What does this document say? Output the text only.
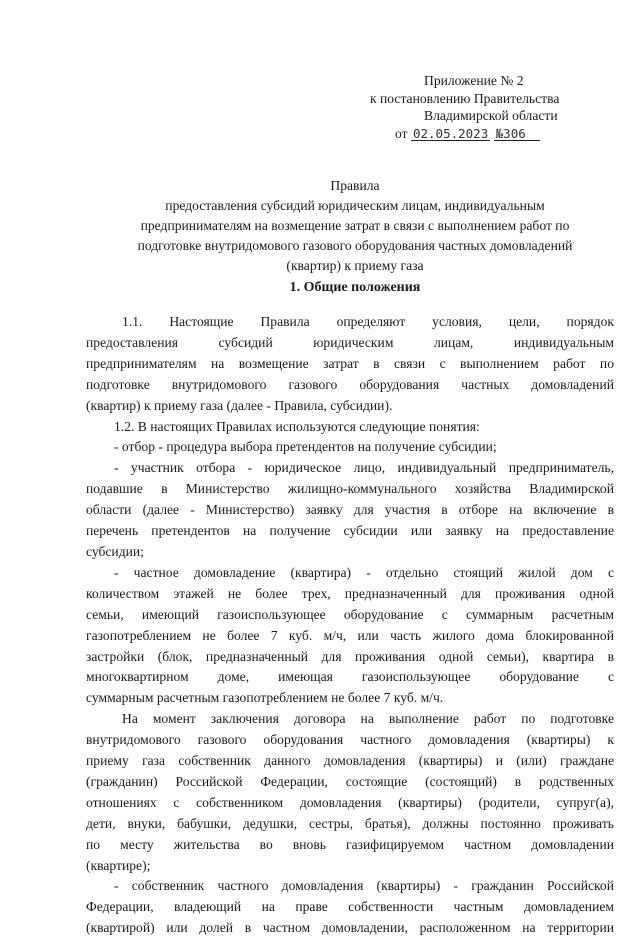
Приложение № 2
к постановлению Правительства
Владимирской области
от 02.05.2023 №306
Правила
предоставления субсидий юридическим лицам, индивидуальным
предпринимателям на возмещение затрат в связи с выполнением работ по
подготовке внутридомового газового оборудования частных домовладений
(квартир) к приему газа
1. Общие положения
1.1. Настоящие Правила определяют условия, цели, порядок
предоставления субсидий юридическим лицам, индивидуальным
предпринимателям на возмещение затрат в связи с выполнением работ по
подготовке внутридомового газового оборудования частных домовладений
(квартир) к приему газа (далее - Правила, субсидии).
1.2. В настоящих Правилах используются следующие понятия:
- отбор - процедура выбора претендентов на получение субсидии;
- участник отбора - юридическое лицо, индивидуальный предприниматель,
подавшие в Министерство жилищно-коммунального хозяйства Владимирской
области (далее - Министерство) заявку для участия в отборе на включение в
перечень претендентов на получение субсидии или заявку на предоставление
субсидии;
- частное домовладение (квартира) - отдельно стоящий жилой дом с
количеством этажей не более трех, предназначенный для проживания одной
семьи, имеющий газоиспользующее оборудование с суммарным расчетным
газопотреблением не более 7 куб. м/ч, или часть жилого дома блокированной
застройки (блок, предназначенный для проживания одной семьи), квартира в
многоквартирном доме, имеющая газоиспользующее оборудование с
суммарным расчетным газопотреблением не более 7 куб. м/ч.
На момент заключения договора на выполнение работ по подготовке
внутридомового газового оборудования частного домовладения (квартиры) к
приему газа собственник данного домовладения (квартиры) и (или) граждане
(гражданин) Российской Федерации, состоящие (состоящий) в родственных
отношениях с собственником домовладения (квартиры) (родители, супруг(а),
дети, внуки, бабушки, дедушки, сестры, братья), должны постоянно проживать
по месту жительства во вновь газифицируемом частном домовладении
(квартире);
- собственник частного домовладения (квартиры) - гражданин Российской
Федерации, владеющий на праве собственности частным домовладением
(квартирой) или долей в частном домовладении, расположенном на территории
